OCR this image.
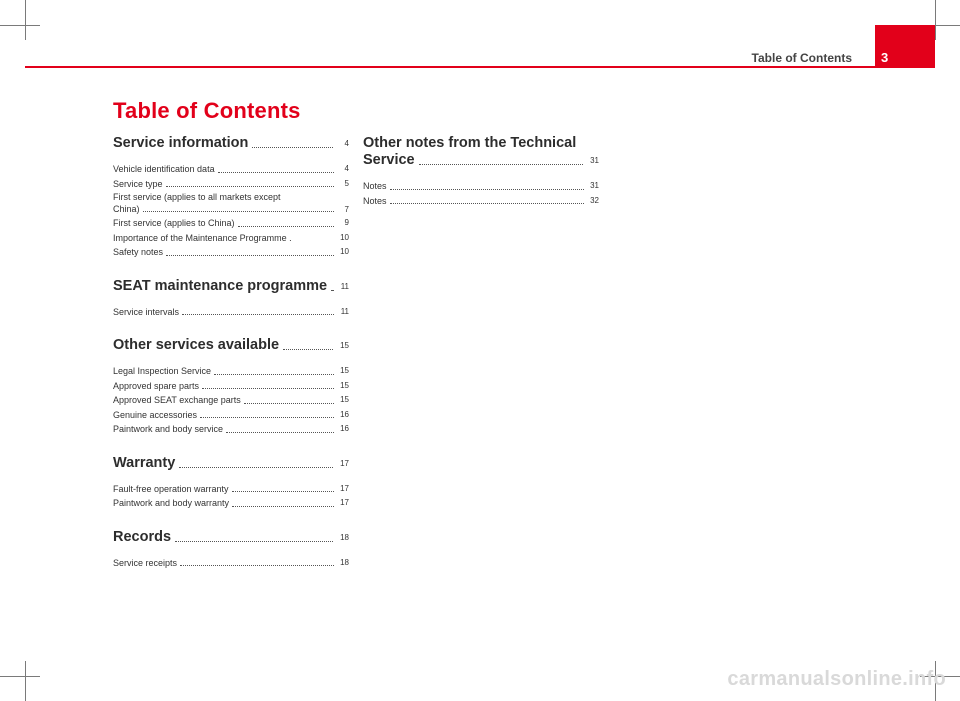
Table of Contents 3
Table of Contents
Service information	4
Vehicle identification data	4
Service type	5
First service (applies to all markets except
China)	7
First service (applies to China)	9
Importance of the Maintenance Programme .	10
Safety notes	10
SEAT maintenance programme	11
Service intervals	11
Other services available	15
Legal Inspection Service	15
Approved spare parts	15
Approved SEAT exchange parts	15
Genuine accessories	16
Paintwork and body service	16
Warranty	17
Fault-free operation warranty	17
Paintwork and body warranty	17
Records	18
Service receipts	18
Other notes from the Technical
Service	31
Notes	31
Notes	32
carmanualsonline.info
